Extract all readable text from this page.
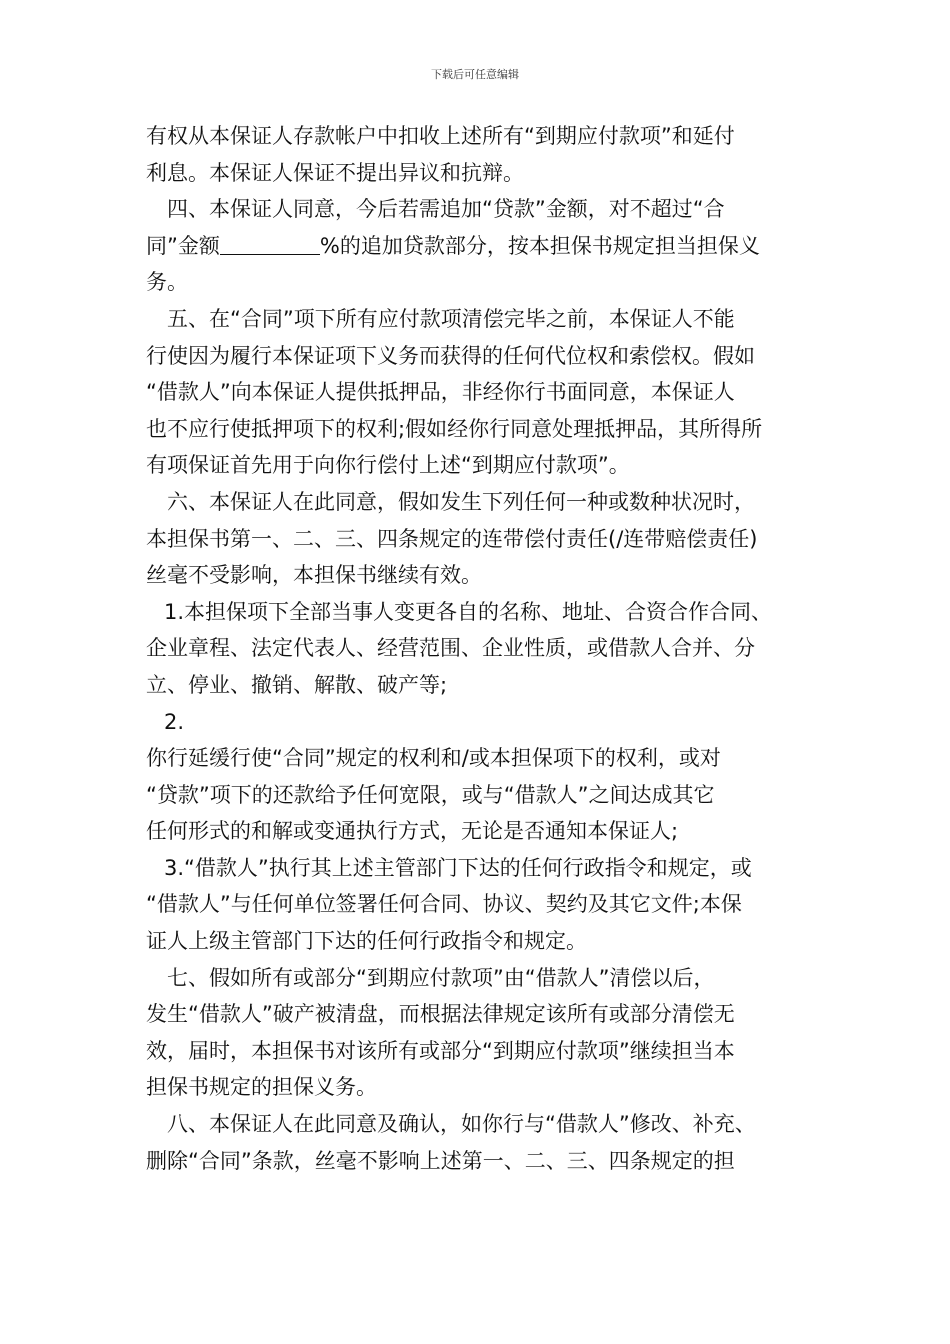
下载后可任意编辑
有权从本保证人存款帐户中扣收上述所有“到期应付款项”和延付
利息。本保证人保证不提出异议和抗辩。
四、本保证人同意，今后若需追加“贷款”金额，对不超过“合
同”金额	%的追加贷款部分，按本担保书规定担当担保义
务。
五、在“合同”项下所有应付款项清偿完毕之前，本保证人不能
行使因为履行本保证项下义务而获得的任何代位权和索偿权。假如
“借款人”向本保证人提供抵押品，非经你行书面同意，本保证人
也不应行使抵押项下的权利;假如经你行同意处理抵押品，其所得所
有项保证首先用于向你行偿付上述“到期应付款项”。
六、本保证人在此同意，假如发生下列任何一种或数种状况时，
本担保书第一、二、三、四条规定的连带偿付责任(/连带赔偿责任)
丝毫不受影响，本担保书继续有效。
1.本担保项下全部当事人变更各自的名称、地址、合资合作合同、
企业章程、法定代表人、经营范围、企业性质，或借款人合并、分
立、停业、撤销、解散、破产等;
2.
你行延缓行使“合同”规定的权利和/或本担保项下的权利，或对
“贷款”项下的还款给予任何宽限，或与“借款人”之间达成其它
任何形式的和解或变通执行方式，无论是否通知本保证人;
3.“借款人”执行其上述主管部门下达的任何行政指令和规定，或
“借款人”与任何单位签署任何合同、协议、契约及其它文件;本保
证人上级主管部门下达的任何行政指令和规定。
七、假如所有或部分“到期应付款项”由“借款人”清偿以后，
发生“借款人”破产被清盘，而根据法律规定该所有或部分清偿无
效，届时，本担保书对该所有或部分“到期应付款项”继续担当本
担保书规定的担保义务。
八、本保证人在此同意及确认，如你行与“借款人”修改、补充、
删除“合同”条款，丝毫不影响上述第一、二、三、四条规定的担
